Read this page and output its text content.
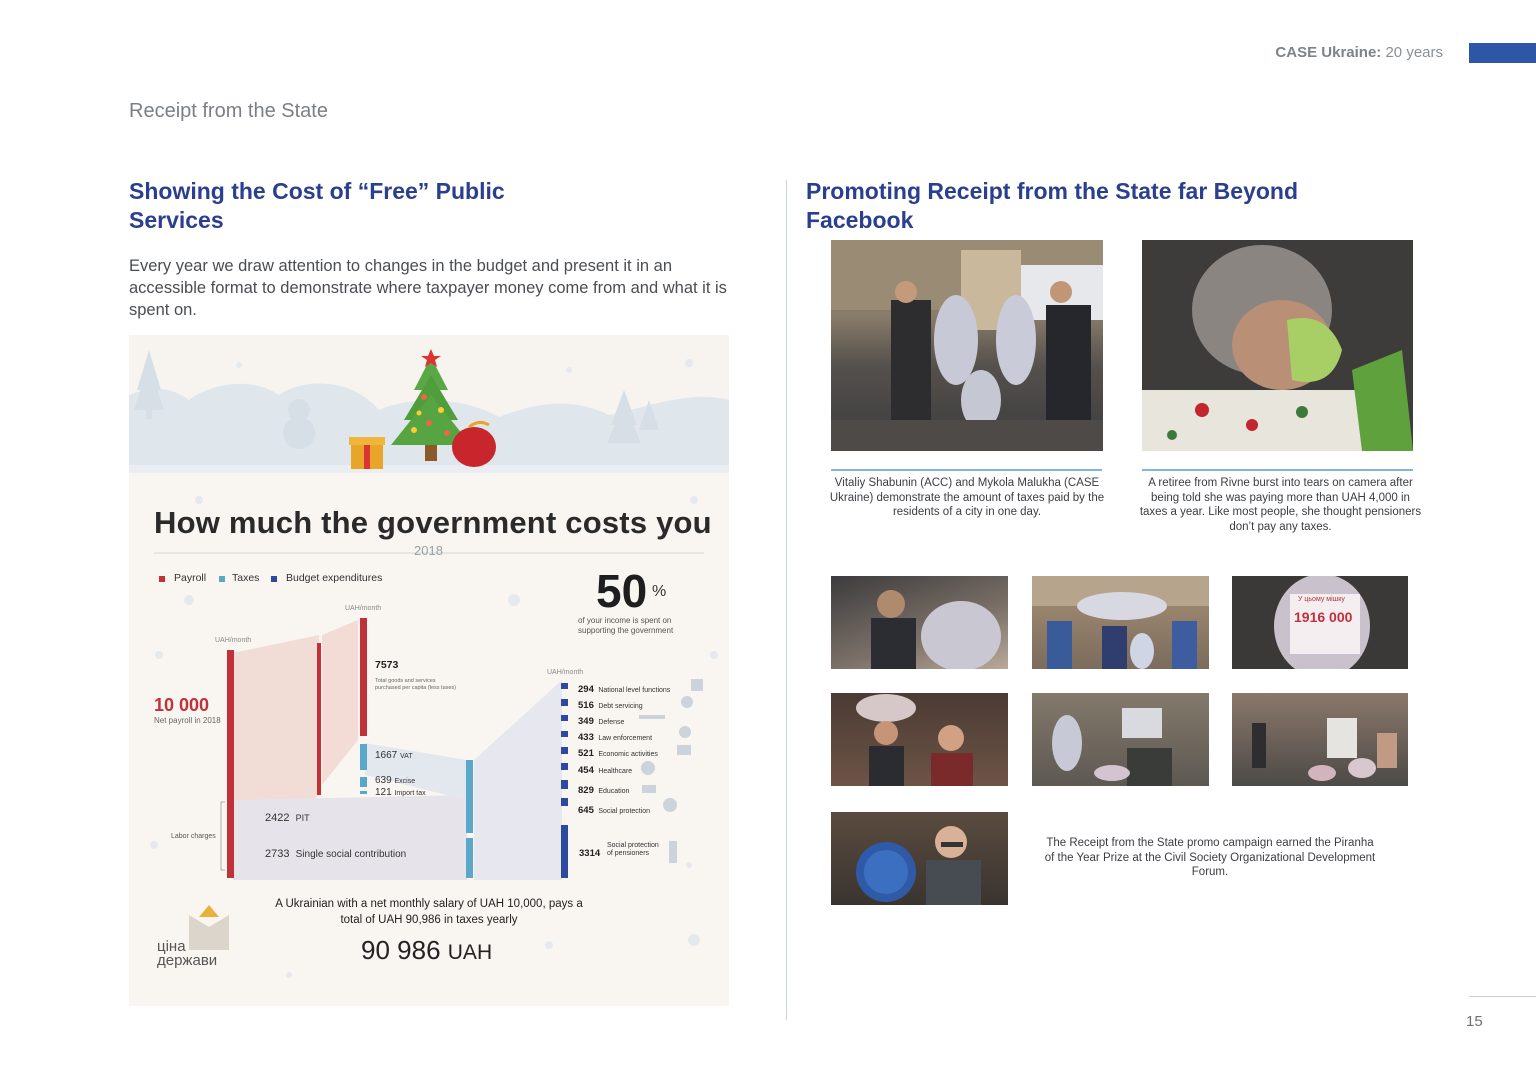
CASE Ukraine: 20 years
Receipt from the State
Showing the Cost of “Free” Public Services
Every year we draw attention to changes in the budget and present it in an accessible format to demonstrate where taxpayer money come from and what it is spent on.
How much the government costs you
2018
Payroll Taxes	Budget expenditures	50 %
of your income is spent on
supporting the government
UAH/month
UAH/month
UAH/month
10 000
Net payroll in 2018
Labor charges
7573
Total goods and services
purchased per capita (less taxes)
1667 VAT
639 Excise
121 Import tax
2422 PIT
2733 Single social contribution
294 National level functions
516 Debt servicing
349 Defense
433 Law enforcement
521 Economic activities
454 Healthcare
829 Education
645 Social protection
3314
Social protection
of pensioners
A Ukrainian with a net monthly salary of UAH 10,000, pays a total of UAH 90,986 in taxes yearly
90 986 UAH
ціна
держави
Promoting Receipt from the State far Beyond Facebook
Vitaliy Shabunin (ACC) and Mykola Malukha (CASE Ukraine) demonstrate the amount of taxes paid by the residents of a city in one day.
A retiree from Rivne burst into tears on camera after being told she was paying more than UAH 4,000 in taxes a year. Like most people, she thought pensioners don’t pay any taxes.
У цьому мішку
1916 000
The Receipt from the State promo campaign earned the Piranha of the Year Prize at the Civil Society Organizational Development Forum.
15
